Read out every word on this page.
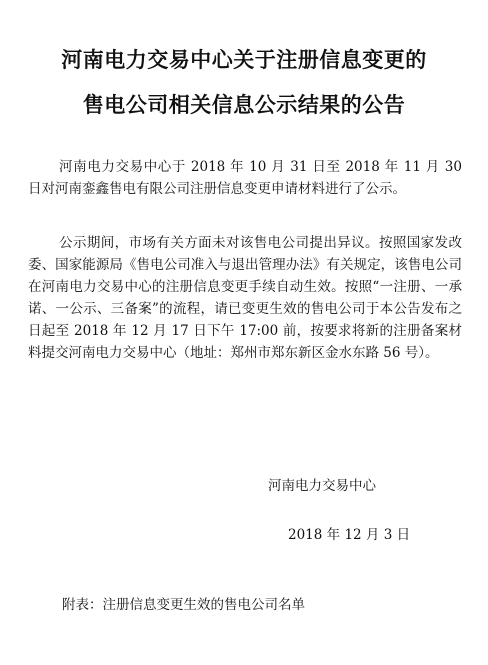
河南电力交易中心关于注册信息变更的
售电公司相关信息公示结果的公告

河南电力交易中心于 2018 年 10 月 31 日至 2018 年 11 月 30 日对河南銮鑫售电有限公司注册信息变更申请材料进行了公示。

公示期间，市场有关方面未对该售电公司提出异议。按照国家发改委、国家能源局《售电公司准入与退出管理办法》有关规定，该售电公司在河南电力交易中心的注册信息变更手续自动生效。按照“一注册、一承诺、一公示、三备案”的流程，请已变更生效的售电公司于本公告发布之日起至 2018 年 12 月 17 日下午 17:00 前，按要求将新的注册备案材料提交河南电力交易中心（地址：郑州市郑东新区金水东路 56 号）。

河南电力交易中心
2018 年 12 月 3 日
附表：注册信息变更生效的售电公司名单
